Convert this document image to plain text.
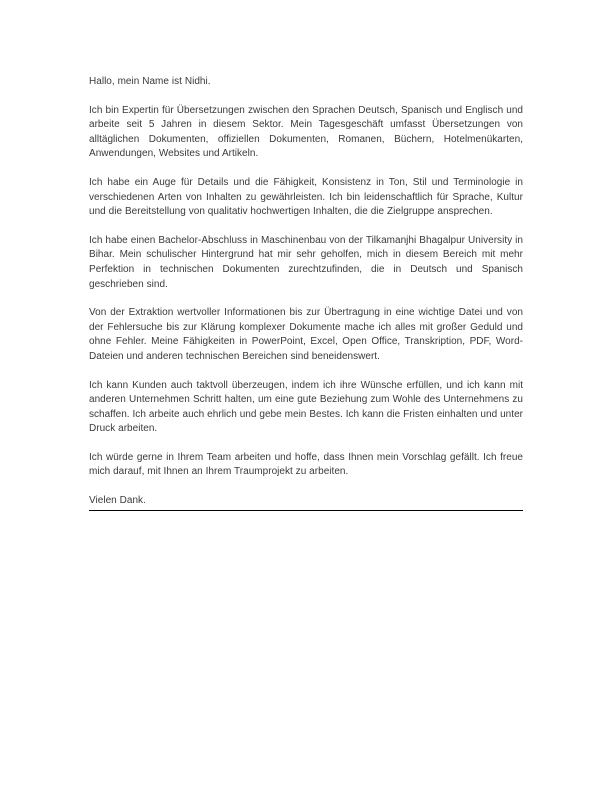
Hallo, mein Name ist Nidhi.

Ich bin Expertin für Übersetzungen zwischen den Sprachen Deutsch, Spanisch und Englisch und arbeite seit 5 Jahren in diesem Sektor. Mein Tagesgeschäft umfasst Übersetzungen von alltäglichen Dokumenten, offiziellen Dokumenten, Romanen, Büchern, Hotelmenükarten, Anwendungen, Websites und Artikeln.

Ich habe ein Auge für Details und die Fähigkeit, Konsistenz in Ton, Stil und Terminologie in verschiedenen Arten von Inhalten zu gewährleisten. Ich bin leidenschaftlich für Sprache, Kultur und die Bereitstellung von qualitativ hochwertigen Inhalten, die die Zielgruppe ansprechen.

Ich habe einen Bachelor-Abschluss in Maschinenbau von der Tilkamanjhi Bhagalpur University in Bihar. Mein schulischer Hintergrund hat mir sehr geholfen, mich in diesem Bereich mit mehr Perfektion in technischen Dokumenten zurechtzufinden, die in Deutsch und Spanisch geschrieben sind.

Von der Extraktion wertvoller Informationen bis zur Übertragung in eine wichtige Datei und von der Fehlersuche bis zur Klärung komplexer Dokumente mache ich alles mit großer Geduld und ohne Fehler. Meine Fähigkeiten in PowerPoint, Excel, Open Office, Transkription, PDF, Word-Dateien und anderen technischen Bereichen sind beneidenswert.

Ich kann Kunden auch taktvoll überzeugen, indem ich ihre Wünsche erfüllen, und ich kann mit anderen Unternehmen Schritt halten, um eine gute Beziehung zum Wohle des Unternehmens zu schaffen. Ich arbeite auch ehrlich und gebe mein Bestes. Ich kann die Fristen einhalten und unter Druck arbeiten.

Ich würde gerne in Ihrem Team arbeiten und hoffe, dass Ihnen mein Vorschlag gefällt. Ich freue mich darauf, mit Ihnen an Ihrem Traumprojekt zu arbeiten.

Vielen Dank.
